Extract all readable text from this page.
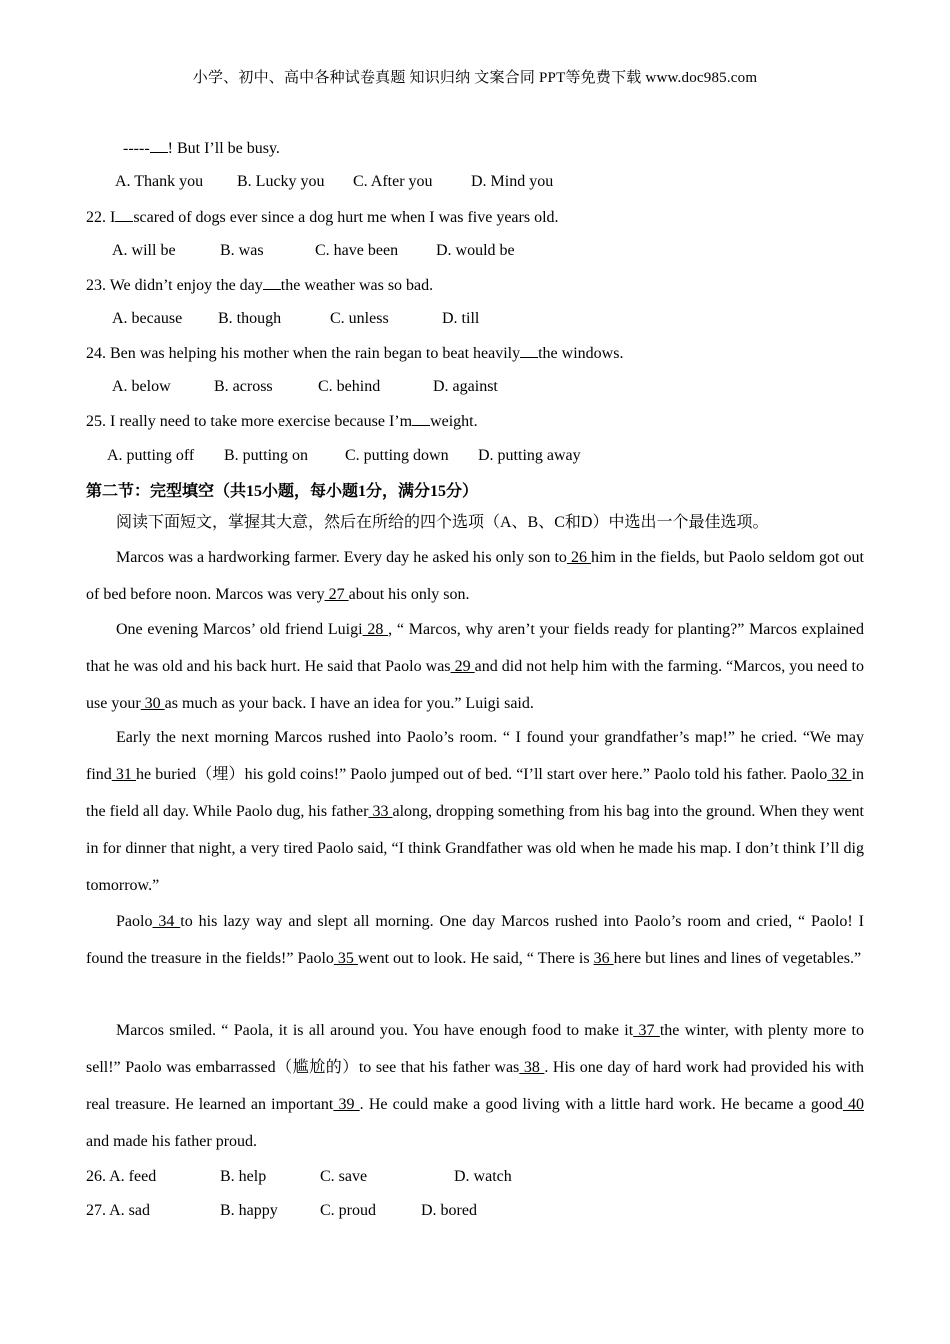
小学、初中、高中各种试卷真题 知识归纳 文案合同 PPT等免费下载 www.doc985.com
----- ! But I’ll be busy.
A. Thank you B. Lucky you C. After you D. Mind you
22. I scared of dogs ever since a dog hurt me when I was five years old.
A. will be	B. was	C. have been D. would be
23. We didn’t enjoy the day the weather was so bad.
A. because B. though	C. unless	D. till
24. Ben was helping his mother when the rain began to beat heavily the windows.
A. below	B. across	C. behind	D. against
25. I really need to take more exercise because I’m weight.
A. putting off B. putting on C. putting down D. putting away
第二节：完型填空（共15小题，每小题1分，满分15分）
阅读下面短文，掌握其大意，然后在所给的四个选项（A、B、C和D）中选出一个最佳选项。
Marcos was a hardworking farmer. Every day he asked his only son to 26 him in the fields, but Paolo seldom got out of bed before noon. Marcos was very 27 about his only son.
One evening Marcos’ old friend Luigi 28 , “ Marcos, why aren’t your fields ready for planting?” Marcos explained that he was old and his back hurt. He said that Paolo was 29 and did not help him with the farming. “Marcos, you need to use your 30 as much as your back. I have an idea for you.” Luigi said.
Early the next morning Marcos rushed into Paolo’s room. “ I found your grandfather’s map!” he cried. “We may find 31 he buried（埋）his gold coins!” Paolo jumped out of bed. “I’ll start over here.” Paolo told his father. Paolo 32 in the field all day. While Paolo dug, his father 33 along, dropping something from his bag into the ground. When they went in for dinner that night, a very tired Paolo said, “I think Grandfather was old when he made his map. I don’t think I’ll dig tomorrow.”
Paolo 34 to his lazy way and slept all morning. One day Marcos rushed into Paolo’s room and cried, “ Paolo! I found the treasure in the fields!” Paolo 35 went out to look. He said, “ There is 36 here but lines and lines of vegetables.”
Marcos smiled. “ Paola, it is all around you. You have enough food to make it 37 the winter, with plenty more to sell!” Paolo was embarrassed（尴尬的）to see that his father was 38 . His one day of hard work had provided his with real treasure. He learned an important 39 . He could make a good living with a little hard work. He became a good 40 and made his father proud.
26. A. feed	B. help	C. save	D. watch
27. A. sad	B. happy	C. proud	D. bored
